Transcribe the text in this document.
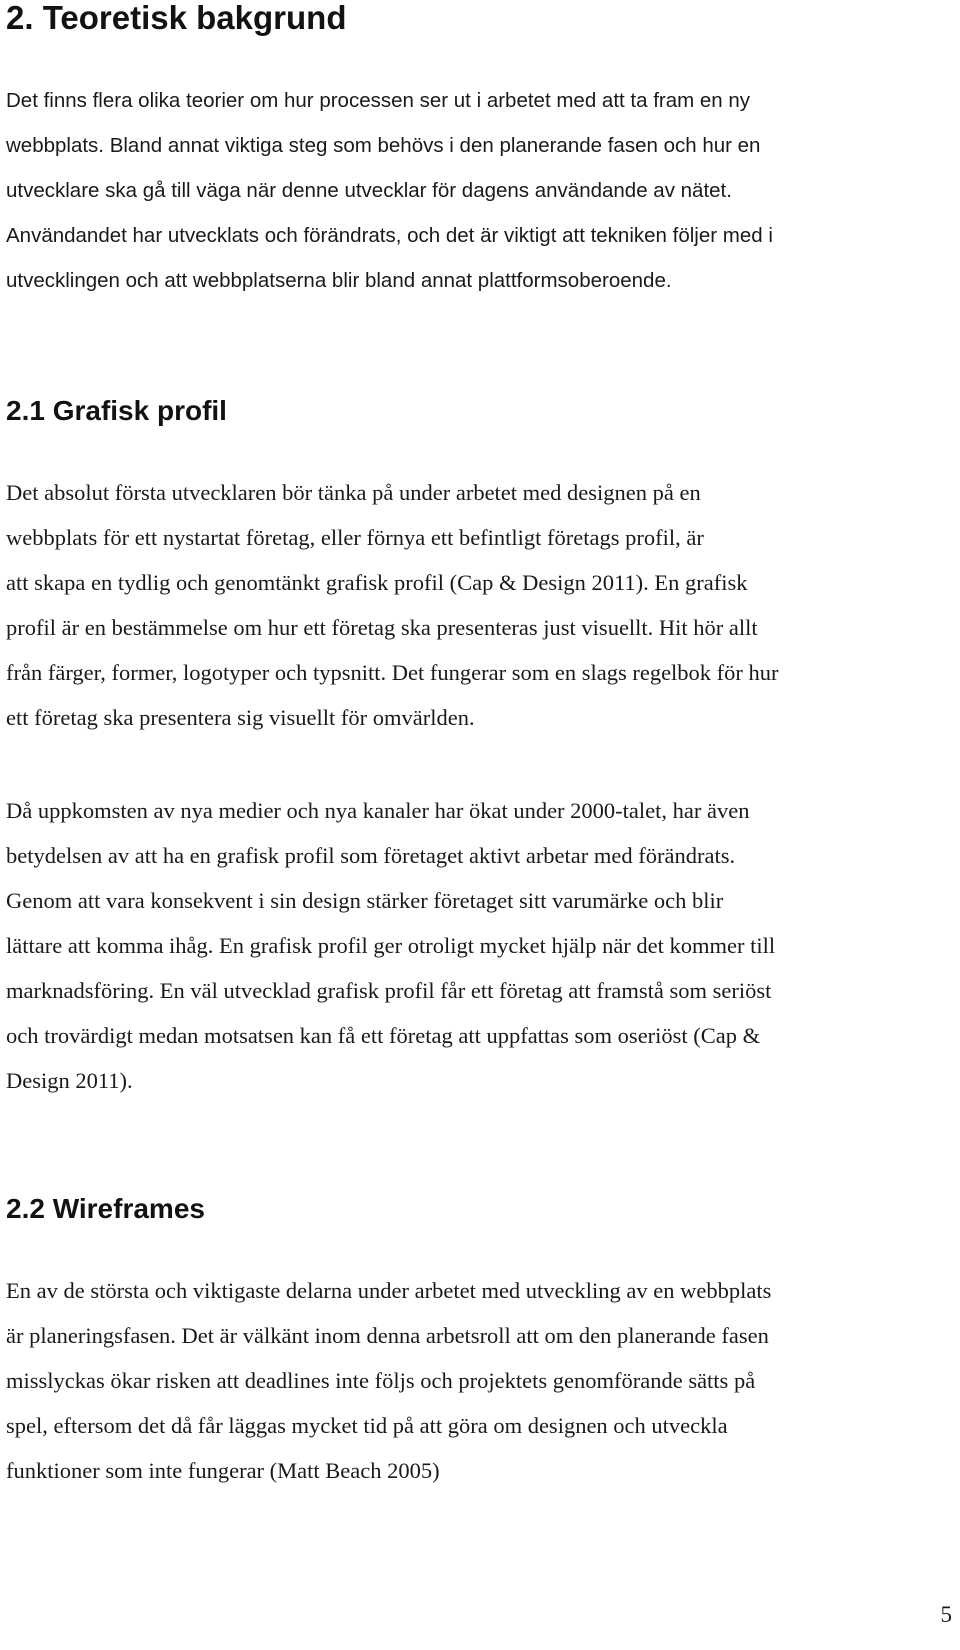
2. Teoretisk bakgrund
Det finns flera olika teorier om hur processen ser ut i arbetet med att ta fram en ny
webbplats. Bland annat viktiga steg som behövs i den planerande fasen och hur en
utvecklare ska gå till väga när denne utvecklar för dagens användande av nätet.
Användandet har utvecklats och förändrats, och det är viktigt att tekniken följer med i
utvecklingen och att webbplatserna blir bland annat plattformsoberoende.
2.1 Grafisk profil
Det absolut första utvecklaren bör tänka på under arbetet med designen på en
webbplats för ett nystartat företag, eller förnya ett befintligt företags profil, är
att skapa en tydlig och genomtänkt grafisk profil (Cap & Design 2011). En grafisk
profil är en bestämmelse om hur ett företag ska presenteras just visuellt. Hit hör allt
från färger, former, logotyper och typsnitt. Det fungerar som en slags regelbok för hur
ett företag ska presentera sig visuellt för omvärlden.
Då uppkomsten av nya medier och nya kanaler har ökat under 2000-talet, har även
betydelsen av att ha en grafisk profil som företaget aktivt arbetar med förändrats.
Genom att vara konsekvent i sin design stärker företaget sitt varumärke och blir
lättare att komma ihåg. En grafisk profil ger otroligt mycket hjälp när det kommer till
marknadsföring. En väl utvecklad grafisk profil får ett företag att framstå som seriöst
och trovärdigt medan motsatsen kan få ett företag att uppfattas som oseriöst (Cap &
Design 2011).
2.2 Wireframes
En av de största och viktigaste delarna under arbetet med utveckling av en webbplats
är planeringsfasen. Det är välkänt inom denna arbetsroll att om den planerande fasen
misslyckas ökar risken att deadlines inte följs och projektets genomförande sätts på
spel, eftersom det då får läggas mycket tid på att göra om designen och utveckla
funktioner som inte fungerar (Matt Beach 2005)
5
